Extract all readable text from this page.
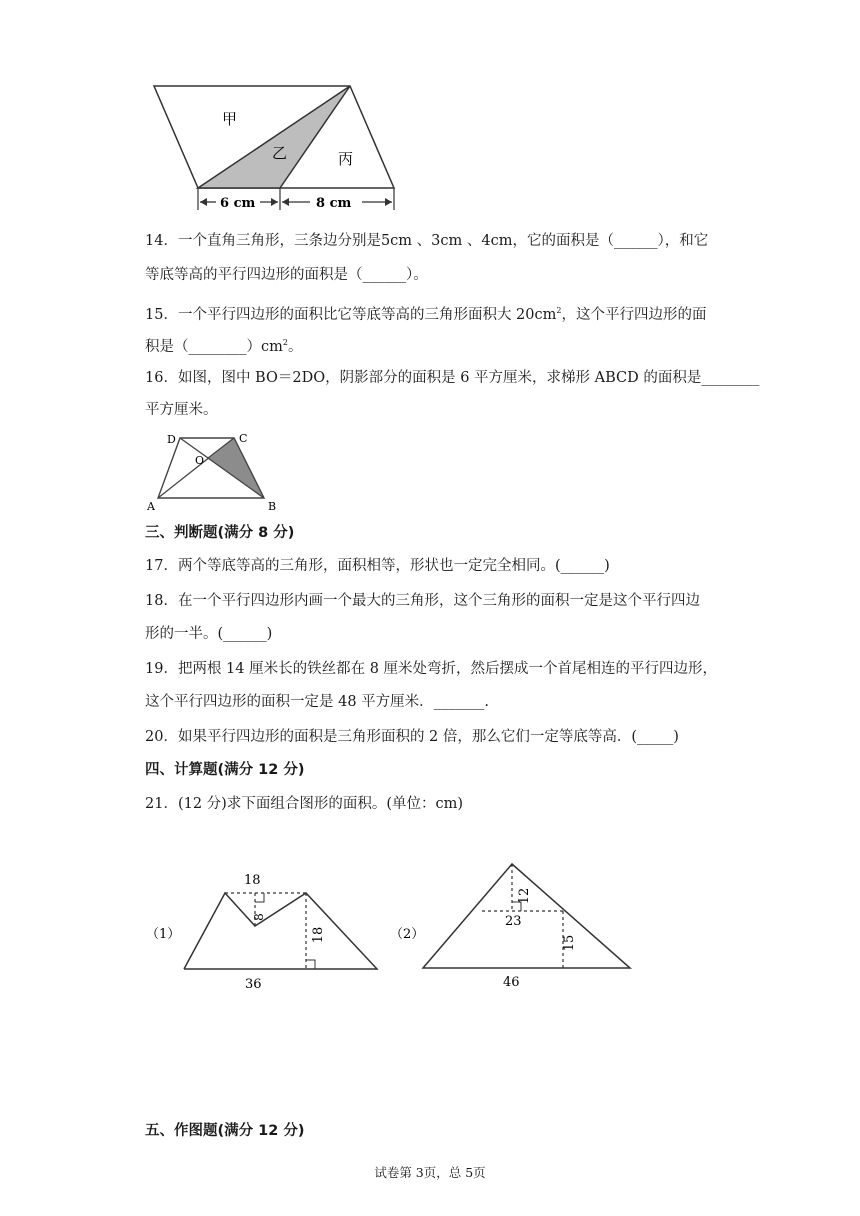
甲
乙	丙
6 cm	8 cm
14．一个直角三角形，三条边分别是5cm 、3cm 、4cm，它的面积是（______），和它
等底等高的平行四边形的面积是（______）。
15．一个平行四边形的面积比它等底等高的三角形面积大 $20cm^2$，这个平行四边形的面
积是$(\_\_\_\_\_\_\_\_)cm^2$。
16．如图，图中 BO＝2DO，阴影部分的面积是 6 平方厘米，求梯形 ABCD 的面积是________
平方厘米。
D	C
O
A	B
三、判断题(满分 8 分)
17．两个等底等高的三角形，面积相等，形状也一定完全相同。(______)
18．在一个平行四边形内画一个最大的三角形，这个三角形的面积一定是这个平行四边
形的一半。(______)
19．把两根 14 厘米长的铁丝都在 8 厘米处弯折，然后摆成一个首尾相连的平行四边形，
这个平行四边形的面积一定是 48 平方厘米．_______.
20．如果平行四边形的面积是三角形面积的 2 倍，那么它们一定等底等高．(_____)
四、计算题(满分 12 分)
21．(12 分)求下面组合图形的面积。(单位：cm)
（1）
18
8
18
36
（2）
12
23
15
46
五、作图题(满分 12 分)
试卷第 3页，总 5页
